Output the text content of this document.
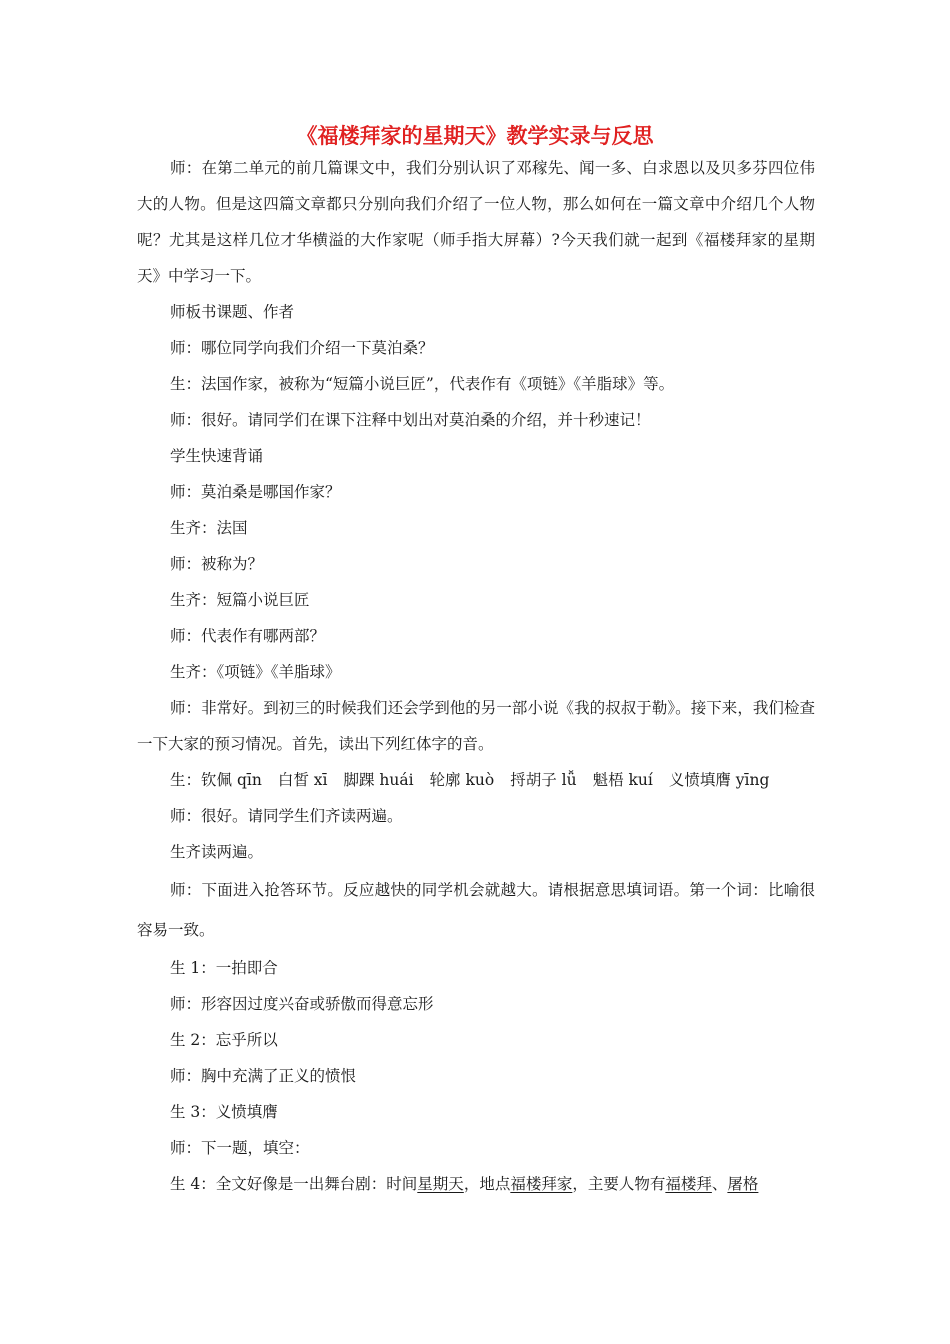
《福楼拜家的星期天》教学实录与反思

师：在第二单元的前几篇课文中，我们分别认识了邓稼先、闻一多、白求恩以及贝多芬四位伟大的人物。但是这四篇文章都只分别向我们介绍了一位人物，那么如何在一篇文章中介绍几个人物呢？尤其是这样几位才华横溢的大作家呢（师手指大屏幕）?今天我们就一起到《福楼拜家的星期天》中学习一下。

师板书课题、作者

师：哪位同学向我们介绍一下莫泊桑？

生：法国作家，被称为“短篇小说巨匠”，代表作有《项链》《羊脂球》等。

师：很好。请同学们在课下注释中划出对莫泊桑的介绍，并十秒速记！

学生快速背诵

师：莫泊桑是哪国作家？

生齐：法国

师：被称为？

生齐：短篇小说巨匠

师：代表作有哪两部？

生齐：《项链》《羊脂球》

师：非常好。到初三的时候我们还会学到他的另一部小说《我的叔叔于勒》。接下来，我们检查一下大家的预习情况。首先，读出下列红体字的音。

生：钦佩 qīn 白皙 xī 脚踝 huái 轮廓 kuò 捋胡子 lǚ 魁梧 kuí 义愤填膺 yīng

师：很好。请同学生们齐读两遍。

生齐读两遍。

师：下面进入抢答环节。反应越快的同学机会就越大。请根据意思填词语。第一个词：比喻很容易一致。

生 1：一拍即合

师：形容因过度兴奋或骄傲而得意忘形

生 2：忘乎所以

师：胸中充满了正义的愤恨

生 3：义愤填膺

师：下一题，填空：

生 4：全文好像是一出舞台剧：时间星期天，地点福楼拜家，主要人物有福楼拜、屠格
